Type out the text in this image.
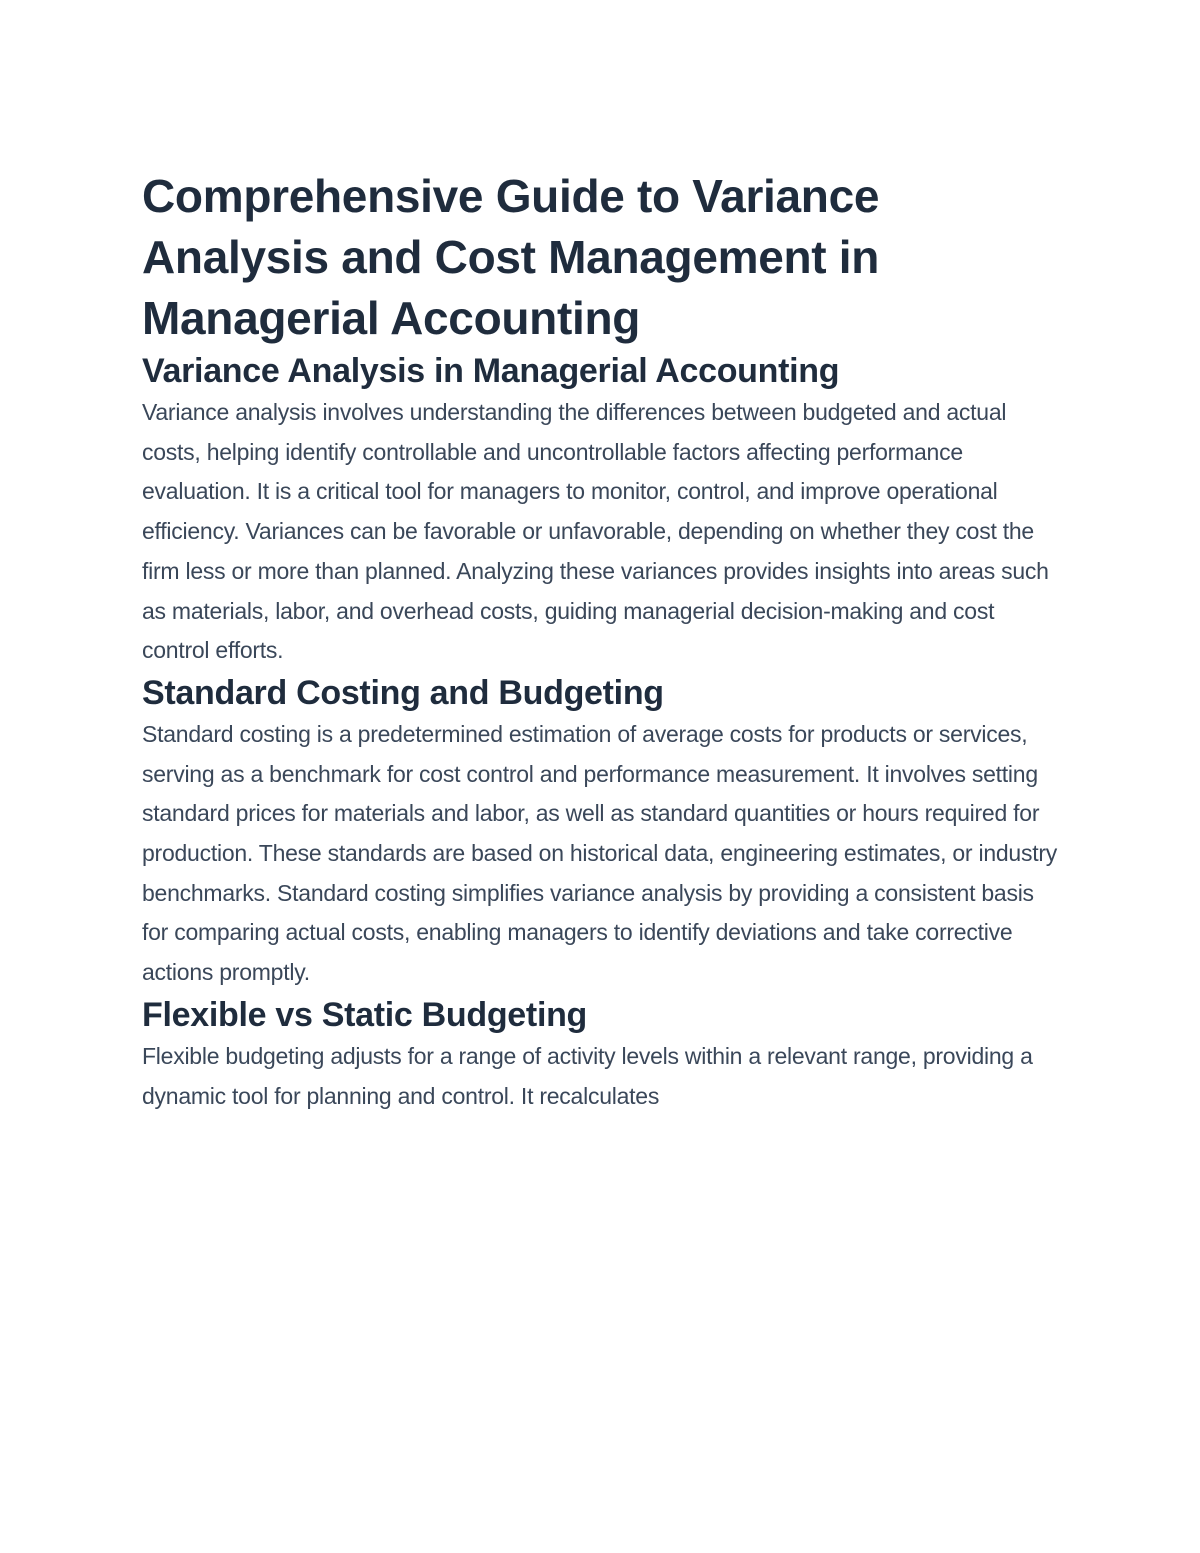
Comprehensive Guide to Variance Analysis and Cost Management in Managerial Accounting
Variance Analysis in Managerial Accounting

Variance analysis involves understanding the differences between budgeted and actual costs, helping identify controllable and uncontrollable factors affecting performance evaluation. It is a critical tool for managers to monitor, control, and improve operational efficiency. Variances can be favorable or unfavorable, depending on whether they cost the firm less or more than planned. Analyzing these variances provides insights into areas such as materials, labor, and overhead costs, guiding managerial decision-making and cost control efforts.

Standard Costing and Budgeting

Standard costing is a predetermined estimation of average costs for products or services, serving as a benchmark for cost control and performance measurement. It involves setting standard prices for materials and labor, as well as standard quantities or hours required for production. These standards are based on historical data, engineering estimates, or industry benchmarks. Standard costing simplifies variance analysis by providing a consistent basis for comparing actual costs, enabling managers to identify deviations and take corrective actions promptly.

Flexible vs Static Budgeting

Flexible budgeting adjusts for a range of activity levels within a relevant range, providing a dynamic tool for planning and control. It recalculates
